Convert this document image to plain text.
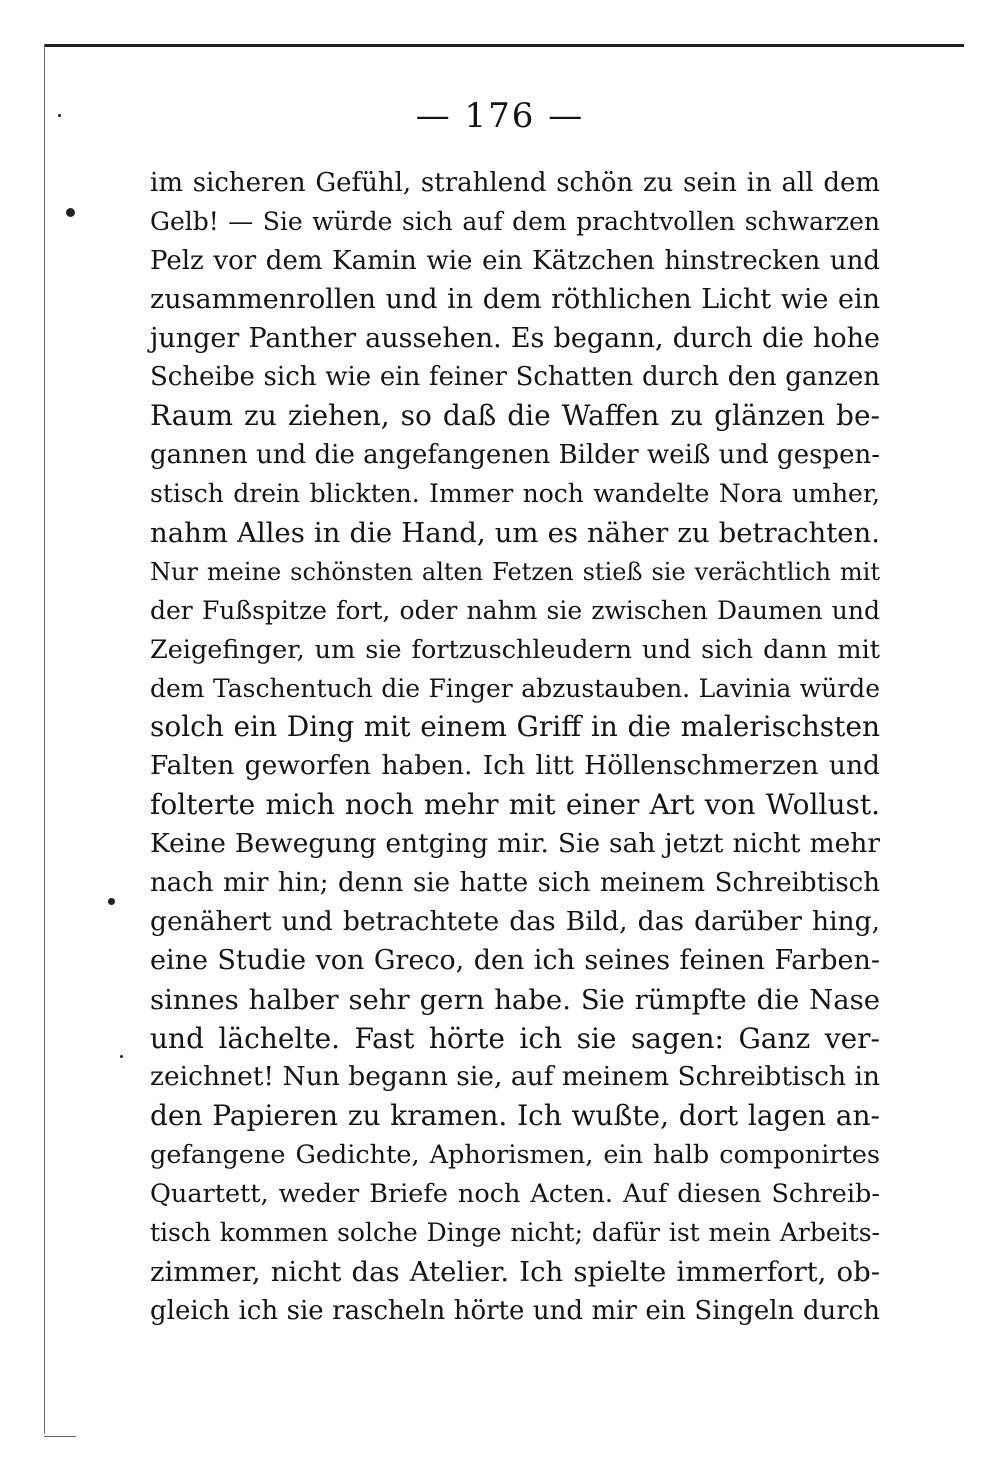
— 176 —
im sicheren Gefühl, strahlend schön zu sein in all dem
Gelb! — Sie würde sich auf dem prachtvollen schwarzen
Pelz vor dem Kamin wie ein Kätzchen hinstrecken und
zusammenrollen und in dem röthlichen Licht wie ein
junger Panther aussehen. Es begann, durch die hohe
Scheibe sich wie ein feiner Schatten durch den ganzen
Raum zu ziehen, so daß die Waffen zu glänzen be-
gannen und die angefangenen Bilder weiß und gespen-
stisch drein blickten. Immer noch wandelte Nora umher,
nahm Alles in die Hand, um es näher zu betrachten.
Nur meine schönsten alten Fetzen stieß sie verächtlich mit
der Fußspitze fort, oder nahm sie zwischen Daumen und
Zeigefinger, um sie fortzuschleudern und sich dann mit
dem Taschentuch die Finger abzustauben. Lavinia würde
solch ein Ding mit einem Griff in die malerischsten
Falten geworfen haben. Ich litt Höllenschmerzen und
folterte mich noch mehr mit einer Art von Wollust.
Keine Bewegung entging mir. Sie sah jetzt nicht mehr
nach mir hin; denn sie hatte sich meinem Schreibtisch
genähert und betrachtete das Bild, das darüber hing,
eine Studie von Greco, den ich seines feinen Farben-
sinnes halber sehr gern habe. Sie rümpfte die Nase
und lächelte. Fast hörte ich sie sagen: Ganz ver-
zeichnet! Nun begann sie, auf meinem Schreibtisch in
den Papieren zu kramen. Ich wußte, dort lagen an-
gefangene Gedichte, Aphorismen, ein halb componirtes
Quartett, weder Briefe noch Acten. Auf diesen Schreib-
tisch kommen solche Dinge nicht; dafür ist mein Arbeits-
zimmer, nicht das Atelier. Ich spielte immerfort, ob-
gleich ich sie rascheln hörte und mir ein Singeln durch
